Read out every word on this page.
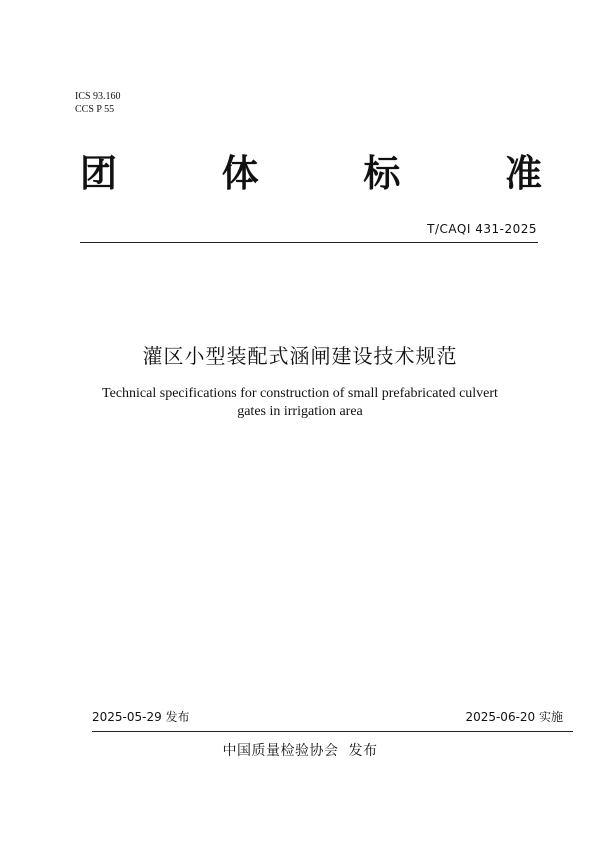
ICS 93.160
CCS P 55
团	体	标	准
T/CAQI 431-2025
灌区小型装配式涵闸建设技术规范
Technical specifications for construction of small prefabricated culvert
gates in irrigation area
2025-05-29 发布	2025-06-20 实施
中国质量检验协会  发布
